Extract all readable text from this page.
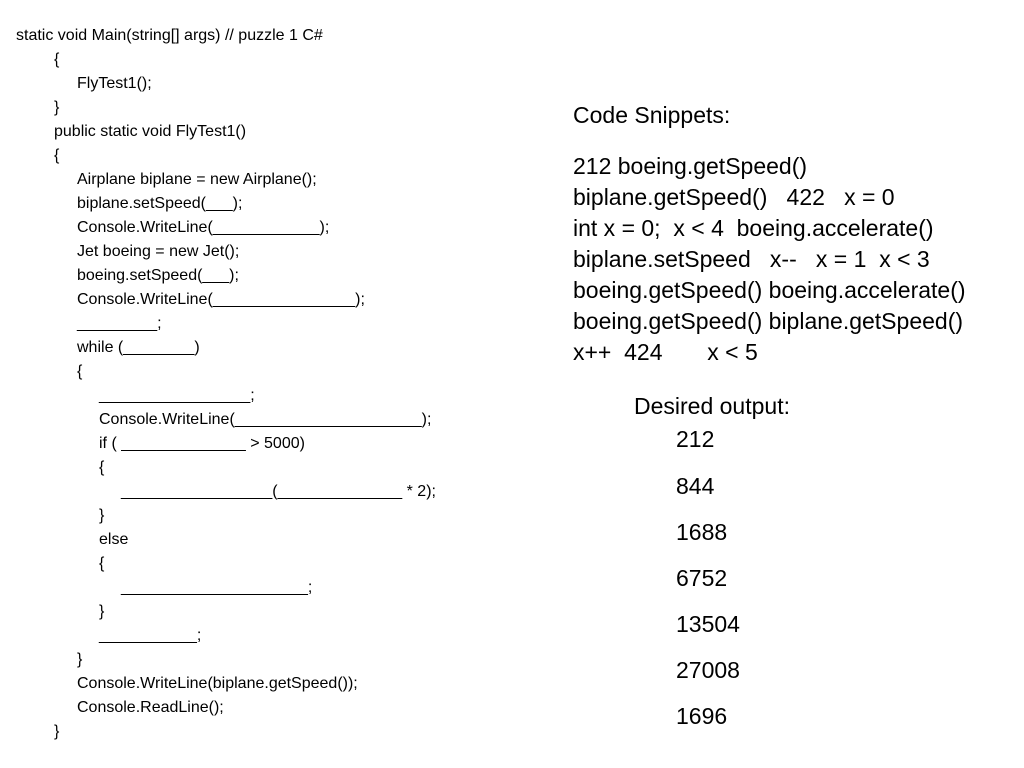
static void Main(string[] args) // puzzle 1 C#
{
FlyTest1();
}
public static void FlyTest1()
{
Airplane biplane = new Airplane();
biplane.setSpeed(___);
Console.WriteLine(____________);
Jet boeing = new Jet();
boeing.setSpeed(___);
Console.WriteLine(________________);
_________;
while (________)
{
_________________;
Console.WriteLine(_____________________);
if ( ______________ > 5000)
{
_________________(______________ * 2);
}
else
{
_____________________;
}
___________;
}
Console.WriteLine(biplane.getSpeed());
Console.ReadLine();
}
Code Snippets:
212 boeing.getSpeed()
biplane.getSpeed()   422   x = 0
int x = 0;  x < 4  boeing.accelerate()
biplane.setSpeed   x--   x = 1  x < 3
boeing.getSpeed() boeing.accelerate()
boeing.getSpeed() biplane.getSpeed()
x++  424       x < 5
Desired output:
212
844
1688
6752
13504
27008
1696
